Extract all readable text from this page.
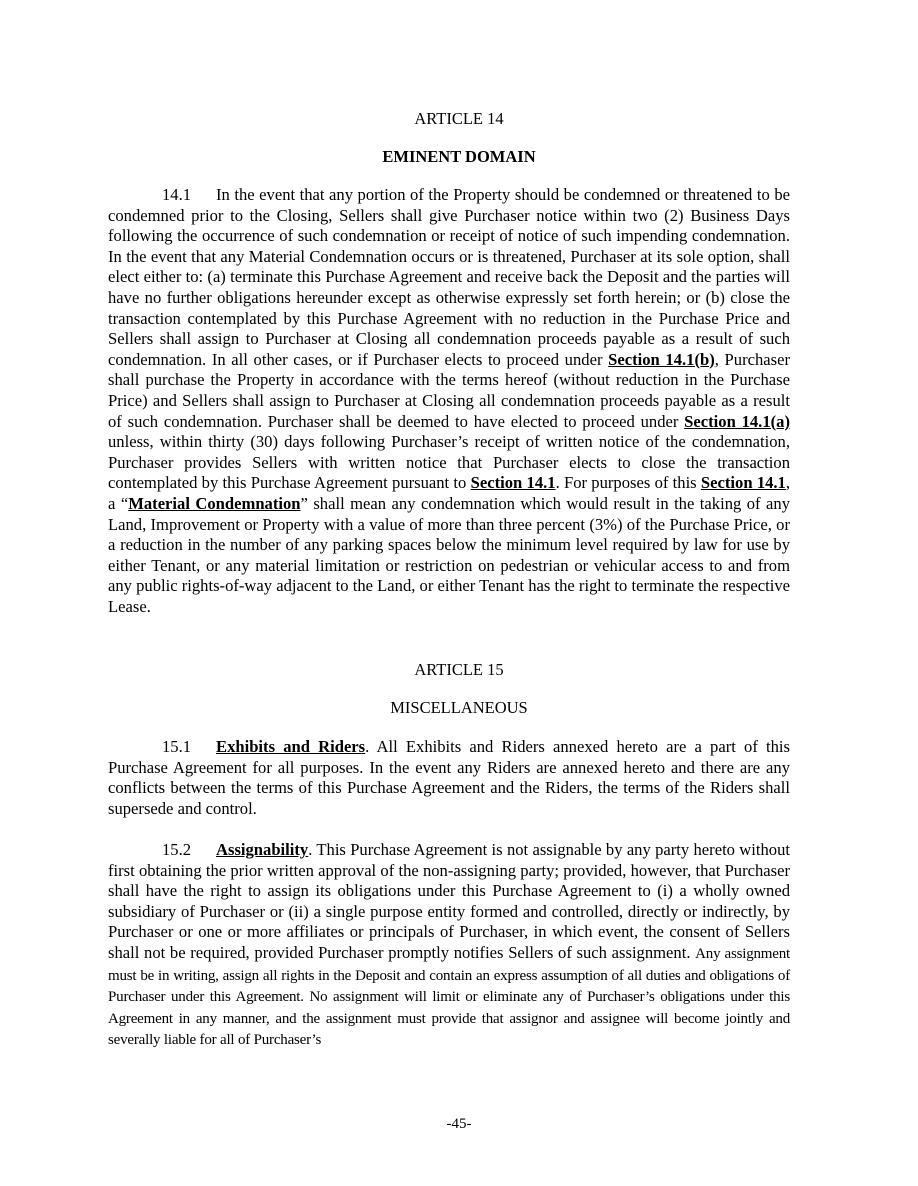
ARTICLE 14
EMINENT DOMAIN
14.1 In the event that any portion of the Property should be condemned or threatened to be condemned prior to the Closing, Sellers shall give Purchaser notice within two (2) Business Days following the occurrence of such condemnation or receipt of notice of such impending condemnation. In the event that any Material Condemnation occurs or is threatened, Purchaser at its sole option, shall elect either to: (a) terminate this Purchase Agreement and receive back the Deposit and the parties will have no further obligations hereunder except as otherwise expressly set forth herein; or (b) close the transaction contemplated by this Purchase Agreement with no reduction in the Purchase Price and Sellers shall assign to Purchaser at Closing all condemnation proceeds payable as a result of such condemnation. In all other cases, or if Purchaser elects to proceed under Section 14.1(b), Purchaser shall purchase the Property in accordance with the terms hereof (without reduction in the Purchase Price) and Sellers shall assign to Purchaser at Closing all condemnation proceeds payable as a result of such condemnation. Purchaser shall be deemed to have elected to proceed under Section 14.1(a) unless, within thirty (30) days following Purchaser’s receipt of written notice of the condemnation, Purchaser provides Sellers with written notice that Purchaser elects to close the transaction contemplated by this Purchase Agreement pursuant to Section 14.1. For purposes of this Section 14.1, a “Material Condemnation” shall mean any condemnation which would result in the taking of any Land, Improvement or Property with a value of more than three percent (3%) of the Purchase Price, or a reduction in the number of any parking spaces below the minimum level required by law for use by either Tenant, or any material limitation or restriction on pedestrian or vehicular access to and from any public rights-of-way adjacent to the Land, or either Tenant has the right to terminate the respective Lease.
ARTICLE 15
MISCELLANEOUS
15.1 Exhibits and Riders. All Exhibits and Riders annexed hereto are a part of this Purchase Agreement for all purposes. In the event any Riders are annexed hereto and there are any conflicts between the terms of this Purchase Agreement and the Riders, the terms of the Riders shall supersede and control.
15.2 Assignability. This Purchase Agreement is not assignable by any party hereto without first obtaining the prior written approval of the non-assigning party; provided, however, that Purchaser shall have the right to assign its obligations under this Purchase Agreement to (i) a wholly owned subsidiary of Purchaser or (ii) a single purpose entity formed and controlled, directly or indirectly, by Purchaser or one or more affiliates or principals of Purchaser, in which event, the consent of Sellers shall not be required, provided Purchaser promptly notifies Sellers of such assignment. Any assignment must be in writing, assign all rights in the Deposit and contain an express assumption of all duties and obligations of Purchaser under this Agreement. No assignment will limit or eliminate any of Purchaser’s obligations under this Agreement in any manner, and the assignment must provide that assignor and assignee will become jointly and severally liable for all of Purchaser’s
-45-
